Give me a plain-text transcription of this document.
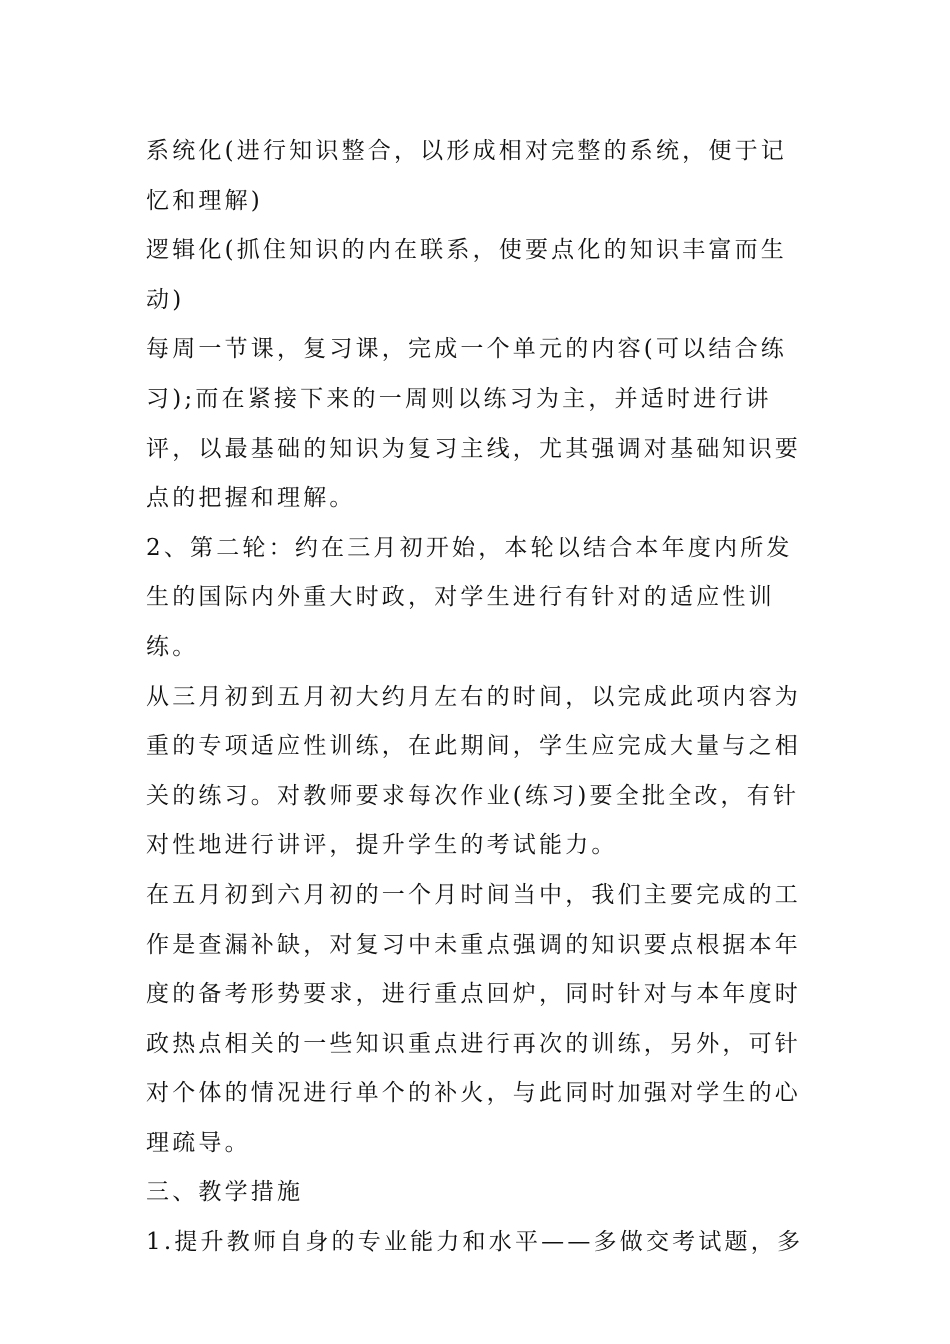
系统化(进行知识整合，以形成相对完整的系统，便于记忆和理解)

逻辑化(抓住知识的内在联系，使要点化的知识丰富而生动)

每周一节课，复习课，完成一个单元的内容(可以结合练习);而在紧接下来的一周则以练习为主，并适时进行讲评，以最基础的知识为复习主线，尤其强调对基础知识要点的把握和理解。

2、第二轮：约在三月初开始，本轮以结合本年度内所发生的国际内外重大时政，对学生进行有针对的适应性训练。

从三月初到五月初大约月左右的时间，以完成此项内容为重的专项适应性训练，在此期间，学生应完成大量与之相关的练习。对教师要求每次作业(练习)要全批全改，有针对性地进行讲评，提升学生的考试能力。

在五月初到六月初的一个月时间当中，我们主要完成的工作是查漏补缺，对复习中未重点强调的知识要点根据本年度的备考形势要求，进行重点回炉，同时针对与本年度时政热点相关的一些知识重点进行再次的训练，另外，可针对个体的情况进行单个的补火，与此同时加强对学生的心理疏导。

三、教学措施

1.提升教师自身的专业能力和水平——多做交考试题，多
